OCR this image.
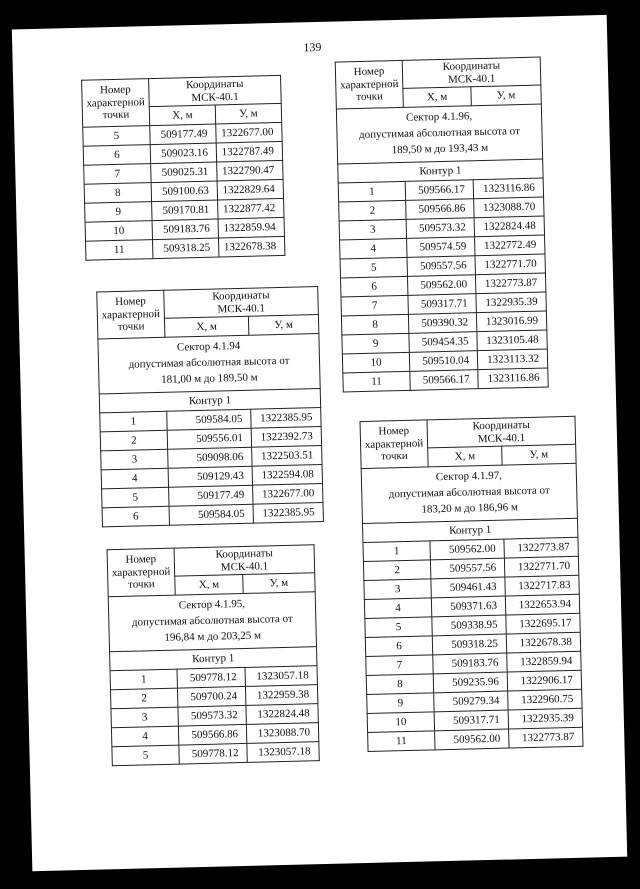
139
Номер характерной точки	Координаты
МСК-40.1	

	X, м	У, м
5	509177.49	1322677.00
6	509023.16	1322787.49
7	509025.31	1322790.47
8	509100.63	1322829.64
9	509170.81	1322877.42
10	509183.76	1322859.94
11	509318.25	1322678.38
Номер характерной точки	Координаты
МСК-40.1	

	X, м	У, м

Сектор 4.1.94
допустимая абсолютная высота от
181,00 м до 189,50 м		

Контур 1		
1	509584.05	1322385.95
2	509556.01	1322392.73
3	509098.06	1322503.51
4	509129.43	1322594.08
5	509177.49	1322677.00
6	509584.05	1322385.95
Номер характерной точки	Координаты
МСК-40.1	

	X, м	У, м

Сектор 4.1.95,
допустимая абсолютная высота от
196,84 м до 203,25 м		

Контур 1		
1	509778.12	1323057.18
2	509700.24	1322959.38
3	509573.32	1322824.48
4	509566.86	1323088.70
5	509778.12	1323057.18
Номер характерной точки	Координаты
МСК-40.1	

	X, м	У, м

Сектор 4.1.96,
допустимая абсолютная высота от
189,50 м до 193,43 м		

Контур 1		
1	509566.17	1323116.86
2	509566.86	1323088.70
3	509573.32	1322824.48
4	509574.59	1322772.49
5	509557.56	1322771.70
6	509562.00	1322773.87
7	509317.71	1322935.39
8	509390.32	1323016.99
9	509454.35	1323105.48
10	509510.04	1323113.32
11	509566.17	1323116.86
Номер характерной точки	Координаты
МСК-40.1	

	X, м	У, м

Сектор 4.1.97,
допустимая абсолютная высота от
183,20 м до 186,96 м		

Контур 1		
1	509562.00	1322773.87
2	509557.56	1322771.70
3	509461.43	1322717.83
4	509371.63	1322653.94
5	509338.95	1322695.17
6	509318.25	1322678.38
7	509183.76	1322859.94
8	509235.96	1322906.17
9	509279.34	1322960.75
10	509317.71	1322935.39
11	509562.00	1322773.87
